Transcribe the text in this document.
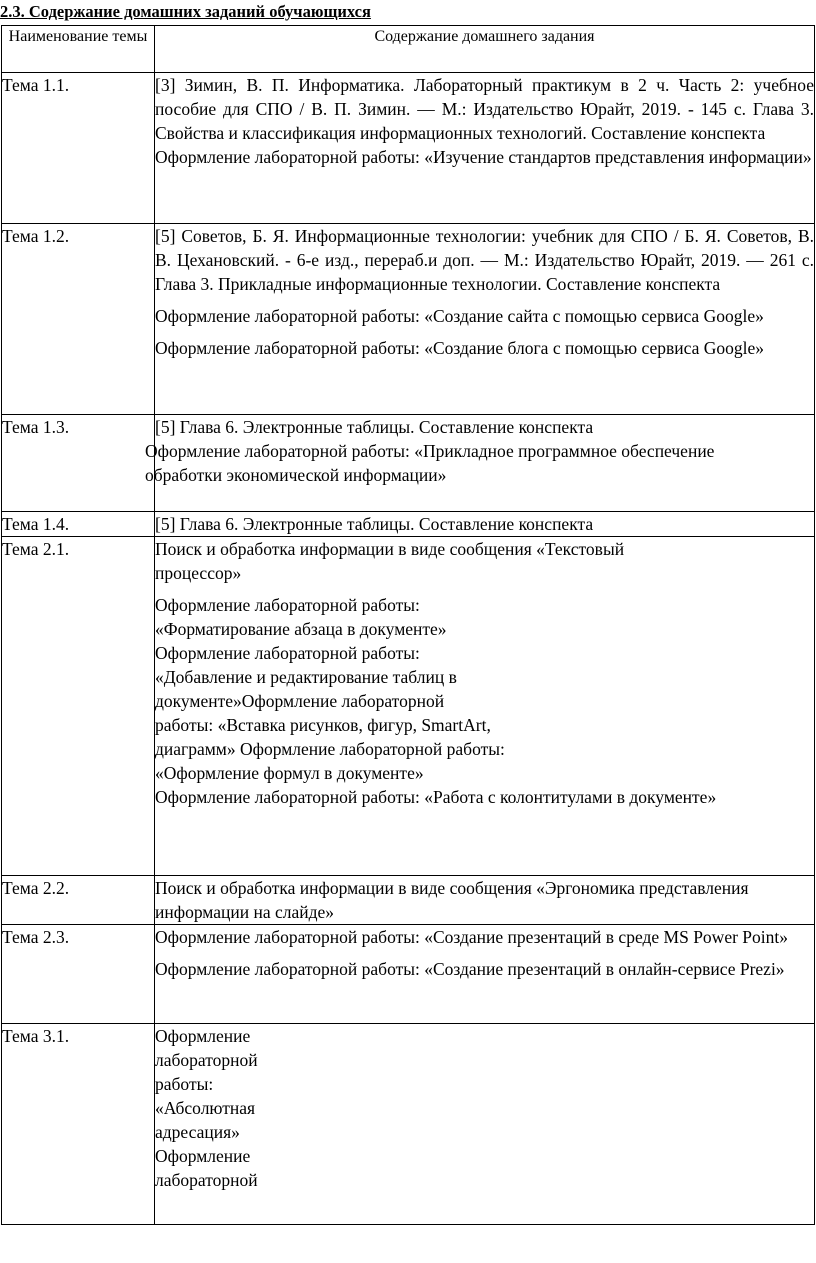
2.3. Содержание домашних заданий обучающихся
Наименование темы	Содержание домашнего задания
Тема 1.1.	[3] Зимин, В. П. Информатика. Лабораторный практикум в 2 ч. Часть 2: учебное пособие для СПО / В. П. Зимин. — М.: Издательство Юрайт, 2019. - 145 с. Глава 3. Свойства и классификация информационных технологий. Составление конспекта

Оформление лабораторной работы: «Изучение стандартов представления информации»

Тема 1.2.	[5] Советов, Б. Я. Информационные технологии: учебник для СПО / Б. Я. Советов, В. В. Цехановский. - 6-е изд., перераб.и доп. — М.: Издательство Юрайт, 2019. — 261 с. Глава 3. Прикладные информационные технологии. Составление конспекта

Оформление лабораторной работы: «Создание сайта с помощью сервиса Google»

Оформление лабораторной работы: «Создание блога с помощью сервиса Google»

Тема 1.3.	[5] Глава 6. Электронные таблицы. Составление конспекта

Оформление лабораторной работы: «Прикладное программное обеспечение обработки экономической информации»

Тема 1.4.	[5] Глава 6. Электронные таблицы. Составление конспекта

Тема 2.1.	Поиск и обработка информации в виде сообщения «Текстовый процессор»

Оформление лабораторной работы: «Форматирование абзаца в документе» Оформление лабораторной работы: «Добавление и редактирование таблиц в документе»Оформление лабораторной работы: «Вставка рисунков, фигур, SmartArt, диаграмм» Оформление лабораторной работы: «Оформление формул в документе»

Оформление лабораторной работы: «Работа с колонтитулами в документе»

Тема 2.2.	Поиск и обработка информации в виде сообщения «Эргономика представления информации на слайде»

Тема 2.3.	Оформление лабораторной работы: «Создание презентаций в среде MS Power Point»

Оформление лабораторной работы: «Создание презентаций в онлайн-сервисе Prezi»

Тема 3.1.	Оформление лабораторной работы: «Абсолютная адресация» Оформление лабораторной
